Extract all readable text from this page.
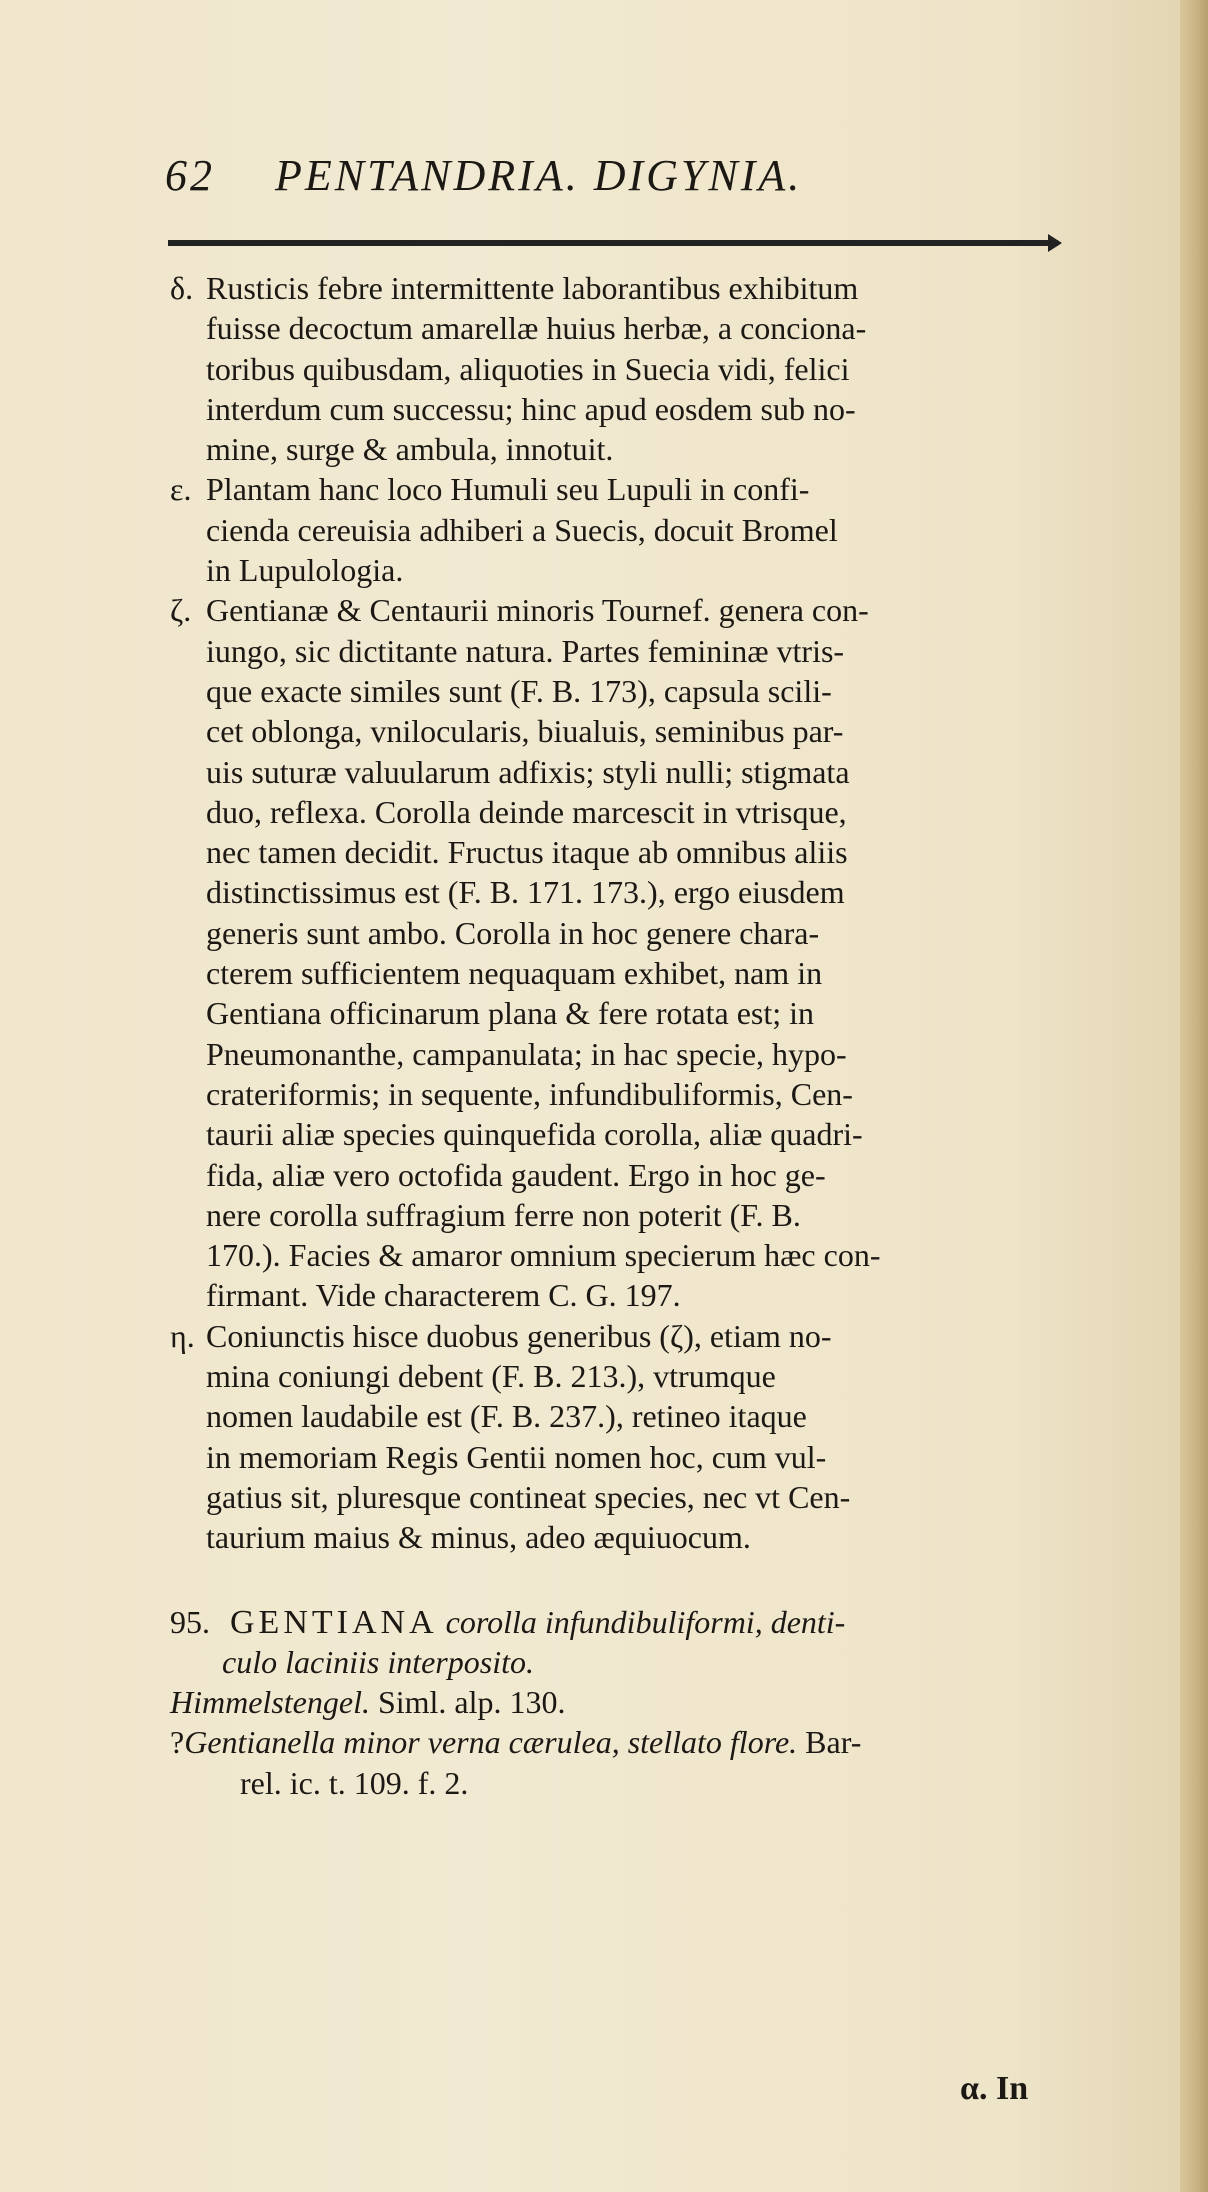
62 PENTANDRIA. DIGYNIA.
δ. Rusticis febre intermittente laborantibus exhibitum
fuisse decoctum amarellæ huius herbæ, a conciona-
toribus quibusdam, aliquoties in Suecia vidi, felici
interdum cum successu; hinc apud eosdem sub no-
mine, surge & ambula, innotuit.
ε. Plantam hanc loco Humuli seu Lupuli in confi-
cienda cereuisia adhiberi a Suecis, docuit Bromel
in Lupulologia.
ζ. Gentianæ & Centaurii minoris Tournef. genera con-
iungo, sic dictitante natura. Partes femininæ vtris-
que exacte similes sunt (F. B. 173), capsula scili-
cet oblonga, vnilocularis, biualuis, seminibus par-
uis suturæ valuularum adfixis; styli nulli; stigmata
duo, reflexa. Corolla deinde marcescit in vtrisque,
nec tamen decidit. Fructus itaque ab omnibus aliis
distinctissimus est (F. B. 171. 173.), ergo eiusdem
generis sunt ambo. Corolla in hoc genere chara-
cterem sufficientem nequaquam exhibet, nam in
Gentiana officinarum plana & fere rotata est; in
Pneumonanthe, campanulata; in hac specie, hypo-
crateriformis; in sequente, infundibuliformis, Cen-
taurii aliæ species quinquefida corolla, aliæ quadri-
fida, aliæ vero octofida gaudent. Ergo in hoc ge-
nere corolla suffragium ferre non poterit (F. B.
170.). Facies & amaror omnium specierum hæc con-
firmant. Vide characterem C. G. 197.
η. Coniunctis hisce duobus generibus (ζ), etiam no-
mina coniungi debent (F. B. 213.), vtrumque
nomen laudabile est (F. B. 237.), retineo itaque
in memoriam Regis Gentii nomen hoc, cum vul-
gatius sit, pluresque contineat species, nec vt Cen-
taurium maius & minus, adeo æquiuocum.
95. GENTIANA corolla infundibuliformi, denti-
culo laciniis interposito.
Himmelstengel. Siml. alp. 130.
?Gentianella minor verna cærulea, stellato flore. Bar-
rel. ic. t. 109. f. 2.
α. In
